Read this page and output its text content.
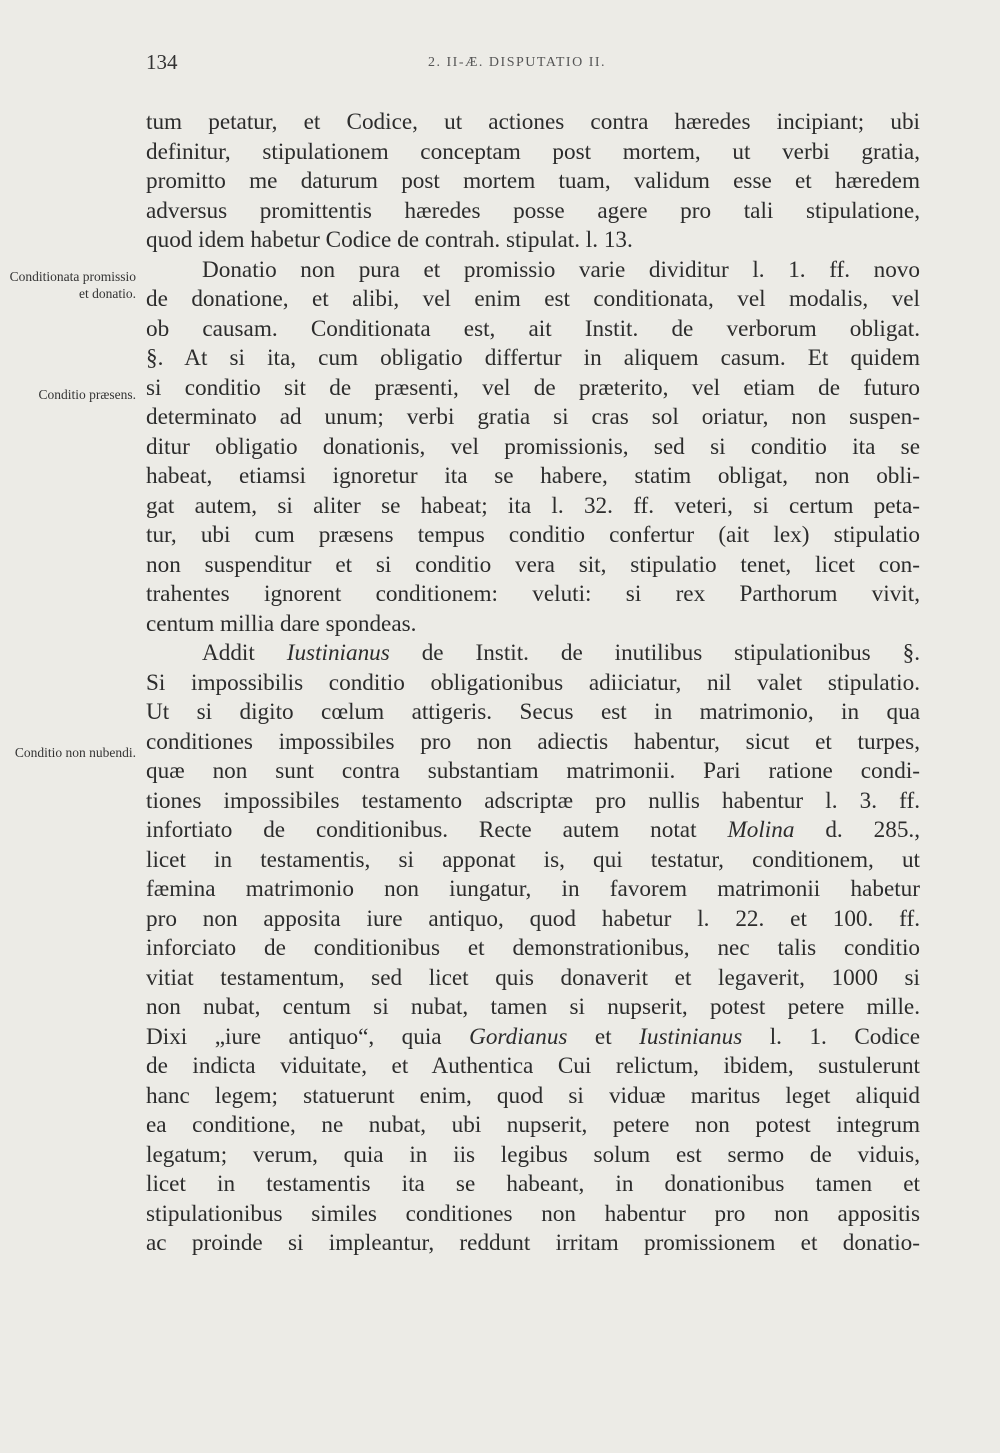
134	2. II-Æ. DISPUTATIO II.
Conditionata promissio et donatio.
Conditio præsens.
Conditio non nubendi.
tum petatur, et Codice, ut actiones contra hæredes incipiant; ubi
definitur, stipulationem conceptam post mortem, ut verbi gratia,
promitto me daturum post mortem tuam, validum esse et hæredem
adversus promittentis hæredes posse agere pro tali stipulatione,
quod idem habetur Codice de contrah. stipulat. l. 13.
Donatio non pura et promissio varie dividitur l. 1. ff. novo
de donatione, et alibi, vel enim est conditionata, vel modalis, vel
ob causam. Conditionata est, ait Instit. de verborum obligat.
§. At si ita, cum obligatio differtur in aliquem casum. Et quidem
si conditio sit de præsenti, vel de præterito, vel etiam de futuro
determinato ad unum; verbi gratia si cras sol oriatur, non suspen-
ditur obligatio donationis, vel promissionis, sed si conditio ita se
habeat, etiamsi ignoretur ita se habere, statim obligat, non obli-
gat autem, si aliter se habeat; ita l. 32. ff. veteri, si certum peta-
tur, ubi cum præsens tempus conditio confertur (ait lex) stipulatio
non suspenditur et si conditio vera sit, stipulatio tenet, licet con-
trahentes ignorent conditionem: veluti: si rex Parthorum vivit,
centum millia dare spondeas.
Addit Iustinianus de Instit. de inutilibus stipulationibus §.
Si impossibilis conditio obligationibus adiiciatur, nil valet stipulatio.
Ut si digito cœlum attigeris. Secus est in matrimonio, in qua
conditiones impossibiles pro non adiectis habentur, sicut et turpes,
quæ non sunt contra substantiam matrimonii. Pari ratione condi-
tiones impossibiles testamento adscriptæ pro nullis habentur l. 3. ff.
infortiato de conditionibus. Recte autem notat Molina d. 285.,
licet in testamentis, si apponat is, qui testatur, conditionem, ut
fæmina matrimonio non iungatur, in favorem matrimonii habetur
pro non apposita iure antiquo, quod habetur l. 22. et 100. ff.
inforciato de conditionibus et demonstrationibus, nec talis conditio
vitiat testamentum, sed licet quis donaverit et legaverit, 1000 si
non nubat, centum si nubat, tamen si nupserit, potest petere mille.
Dixi „iure antiquo“, quia Gordianus et Iustinianus l. 1. Codice
de indicta viduitate, et Authentica Cui relictum, ibidem, sustulerunt
hanc legem; statuerunt enim, quod si viduæ maritus leget aliquid
ea conditione, ne nubat, ubi nupserit, petere non potest integrum
legatum; verum, quia in iis legibus solum est sermo de viduis,
licet in testamentis ita se habeant, in donationibus tamen et
stipulationibus similes conditiones non habentur pro non appositis
ac proinde si impleantur, reddunt irritam promissionem et donatio-
